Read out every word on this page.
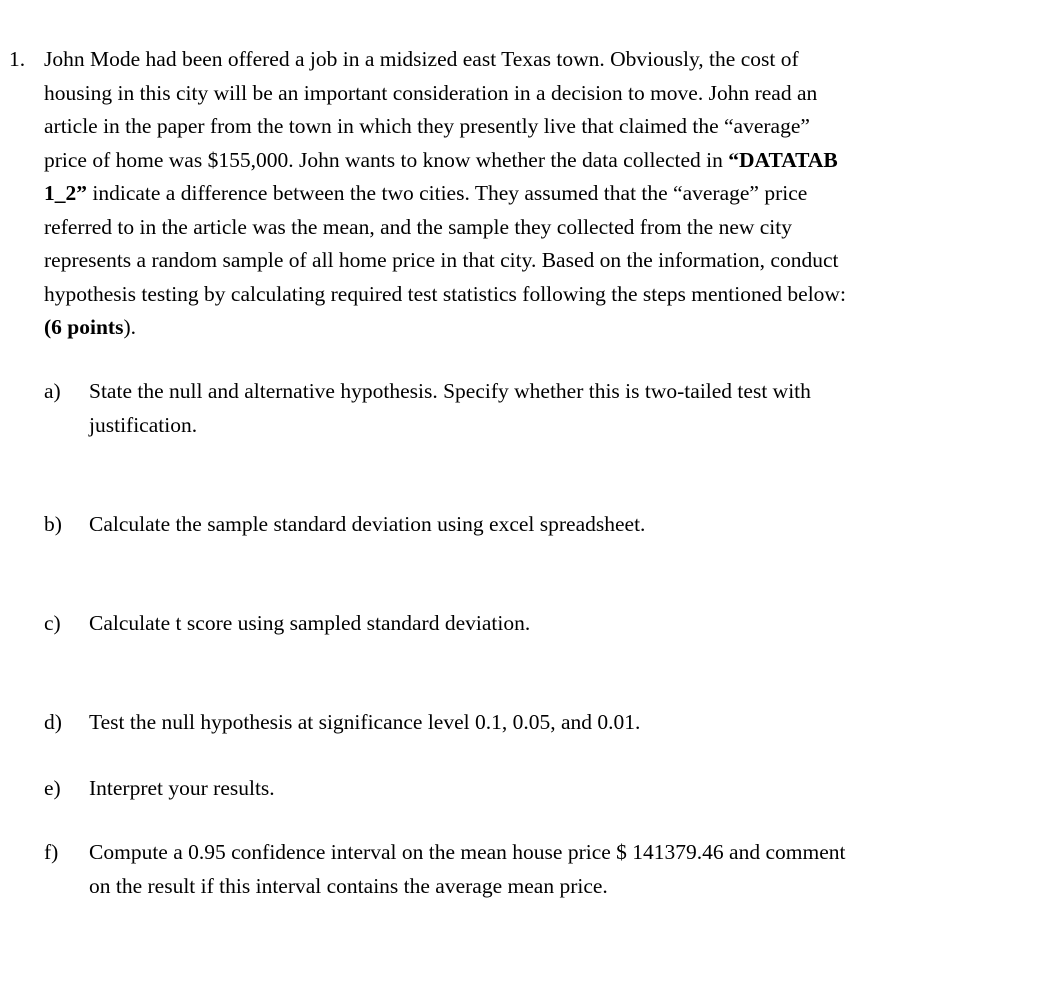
1. John Mode had been offered a job in a midsized east Texas town. Obviously, the cost of
housing in this city will be an important consideration in a decision to move. John read an
article in the paper from the town in which they presently live that claimed the “average”
price of home was $155,000. John wants to know whether the data collected in “DATATAB
1_2” indicate a difference between the two cities. They assumed that the “average” price
referred to in the article was the mean, and the sample they collected from the new city
represents a random sample of all home price in that city. Based on the information, conduct
hypothesis testing by calculating required test statistics following the steps mentioned below:
(6 points).
a) State the null and alternative hypothesis. Specify whether this is two-tailed test with
justification.
b) Calculate the sample standard deviation using excel spreadsheet.
c) Calculate t score using sampled standard deviation.
d) Test the null hypothesis at significance level 0.1, 0.05, and 0.01.
e) Interpret your results.
f) Compute a 0.95 confidence interval on the mean house price $ 141379.46 and comment
on the result if this interval contains the average mean price.
